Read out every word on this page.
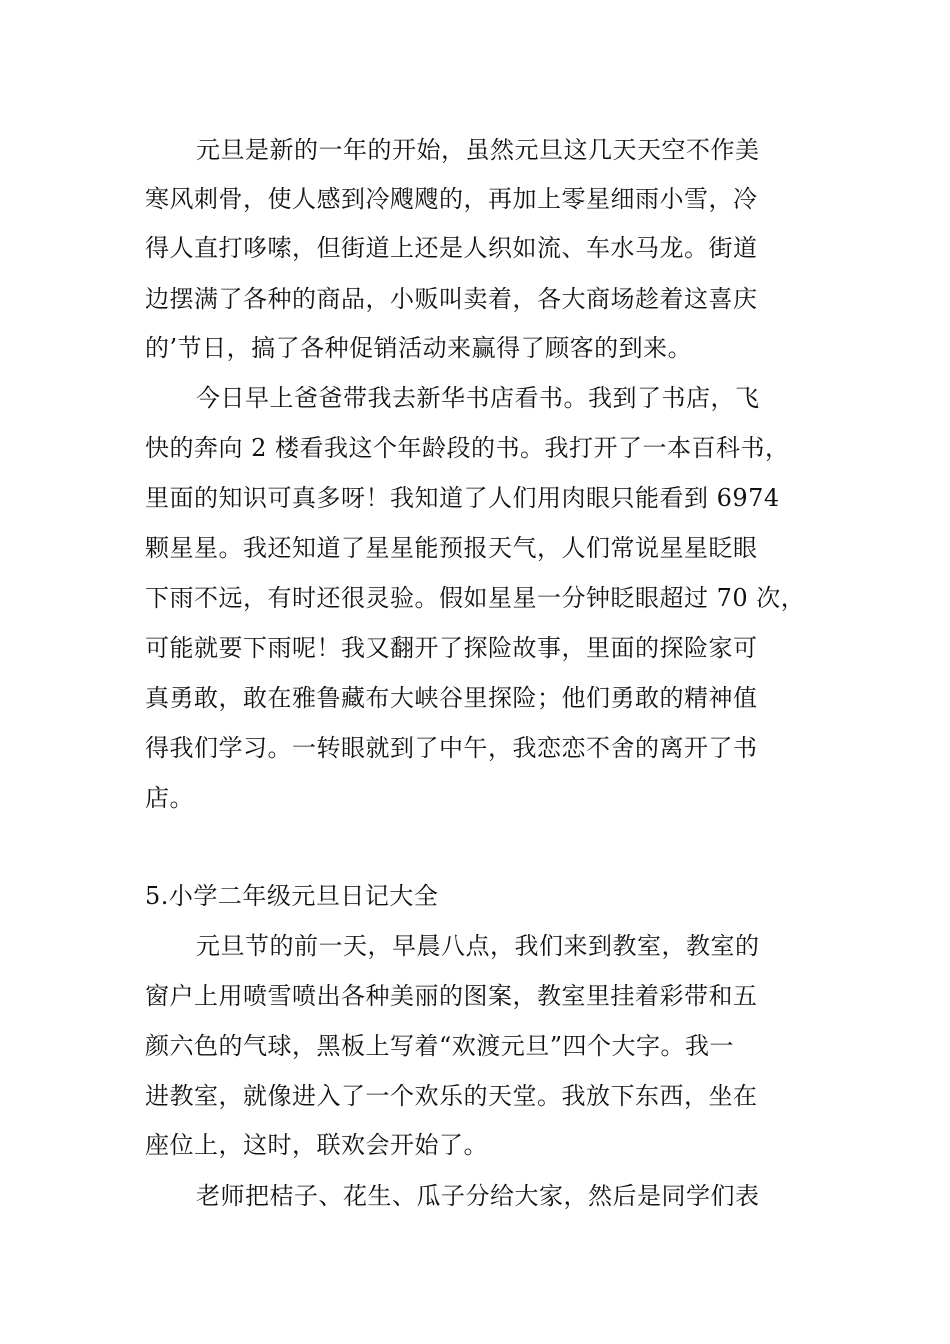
元旦是新的一年的开始，虽然元旦这几天天空不作美
寒风刺骨，使人感到冷飕飕的，再加上零星细雨小雪，冷
得人直打哆嗦，但街道上还是人织如流、车水马龙。街道
边摆满了各种的商品，小贩叫卖着，各大商场趁着这喜庆
的’节日，搞了各种促销活动来赢得了顾客的到来。
今日早上爸爸带我去新华书店看书。我到了书店，飞
快的奔向 2 楼看我这个年龄段的书。我打开了一本百科书，
里面的知识可真多呀！我知道了人们用肉眼只能看到 6974
颗星星。我还知道了星星能预报天气，人们常说星星眨眼
下雨不远，有时还很灵验。假如星星一分钟眨眼超过 70 次，
可能就要下雨呢！我又翻开了探险故事，里面的探险家可
真勇敢，敢在雅鲁藏布大峡谷里探险；他们勇敢的精神值
得我们学习。一转眼就到了中午，我恋恋不舍的离开了书
店。
5.小学二年级元旦日记大全
元旦节的前一天，早晨八点，我们来到教室，教室的
窗户上用喷雪喷出各种美丽的图案，教室里挂着彩带和五
颜六色的气球，黑板上写着“欢渡元旦”四个大字。我一
进教室，就像进入了一个欢乐的天堂。我放下东西，坐在
座位上，这时，联欢会开始了。
老师把桔子、花生、瓜子分给大家，然后是同学们表
